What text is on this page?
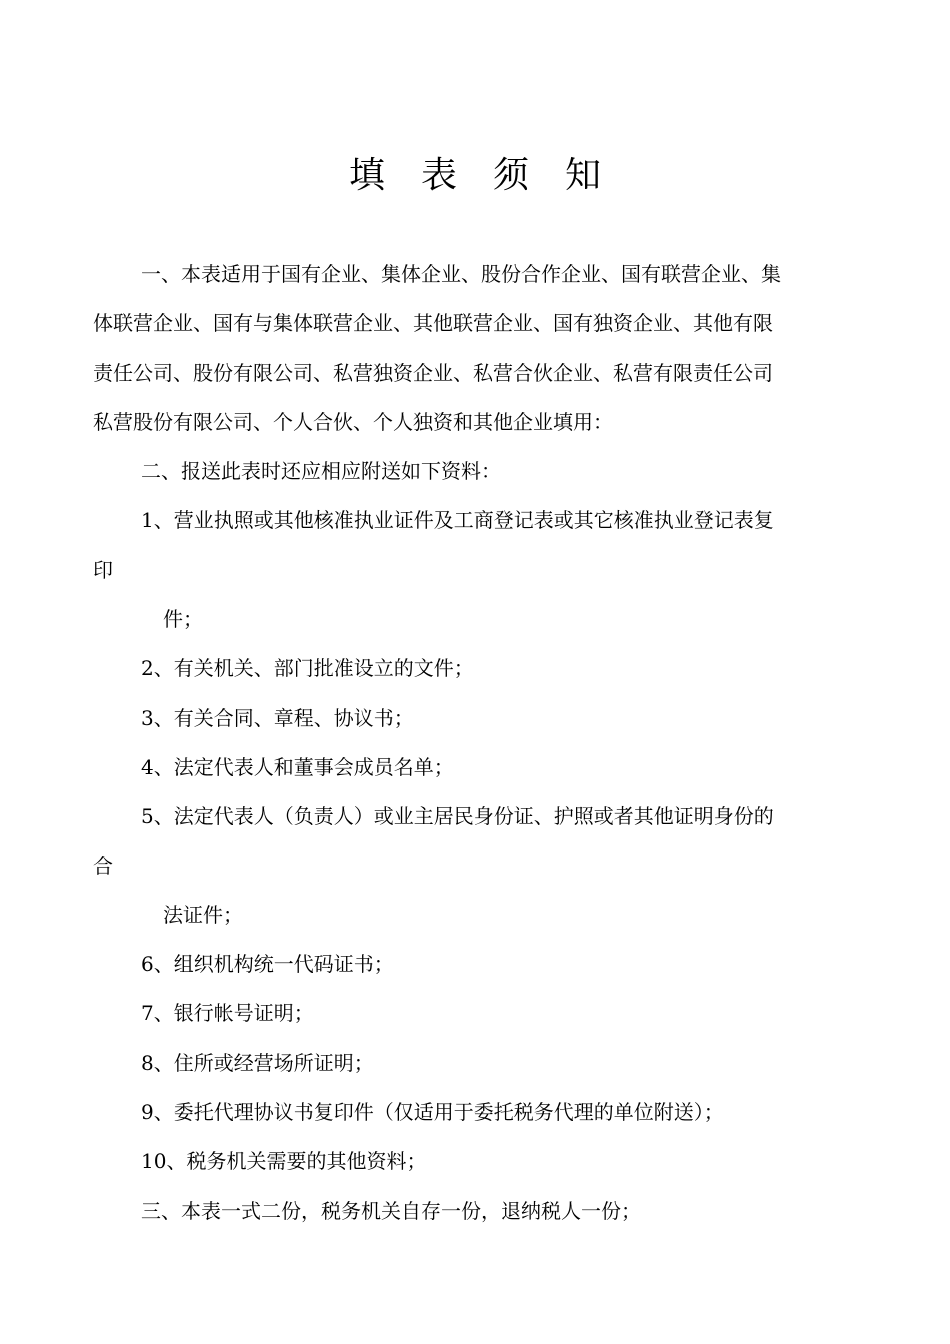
填 表 须 知

一、本表适用于国有企业、集体企业、股份合作企业、国有联营企业、集

体联营企业、国有与集体联营企业、其他联营企业、国有独资企业、其他有限

责任公司、股份有限公司、私营独资企业、私营合伙企业、私营有限责任公司

私营股份有限公司、个人合伙、个人独资和其他企业填用：

二、报送此表时还应相应附送如下资料：

1、营业执照或其他核准执业证件及工商登记表或其它核准执业登记表复

印

件；

2、有关机关、部门批准设立的文件；

3、有关合同、章程、协议书；

4、法定代表人和董事会成员名单；

5、法定代表人（负责人）或业主居民身份证、护照或者其他证明身份的

合

法证件；

6、组织机构统一代码证书；

7、银行帐号证明；

8、住所或经营场所证明；

9、委托代理协议书复印件（仅适用于委托税务代理的单位附送）；

10、税务机关需要的其他资料；

三、本表一式二份，税务机关自存一份，退纳税人一份；
